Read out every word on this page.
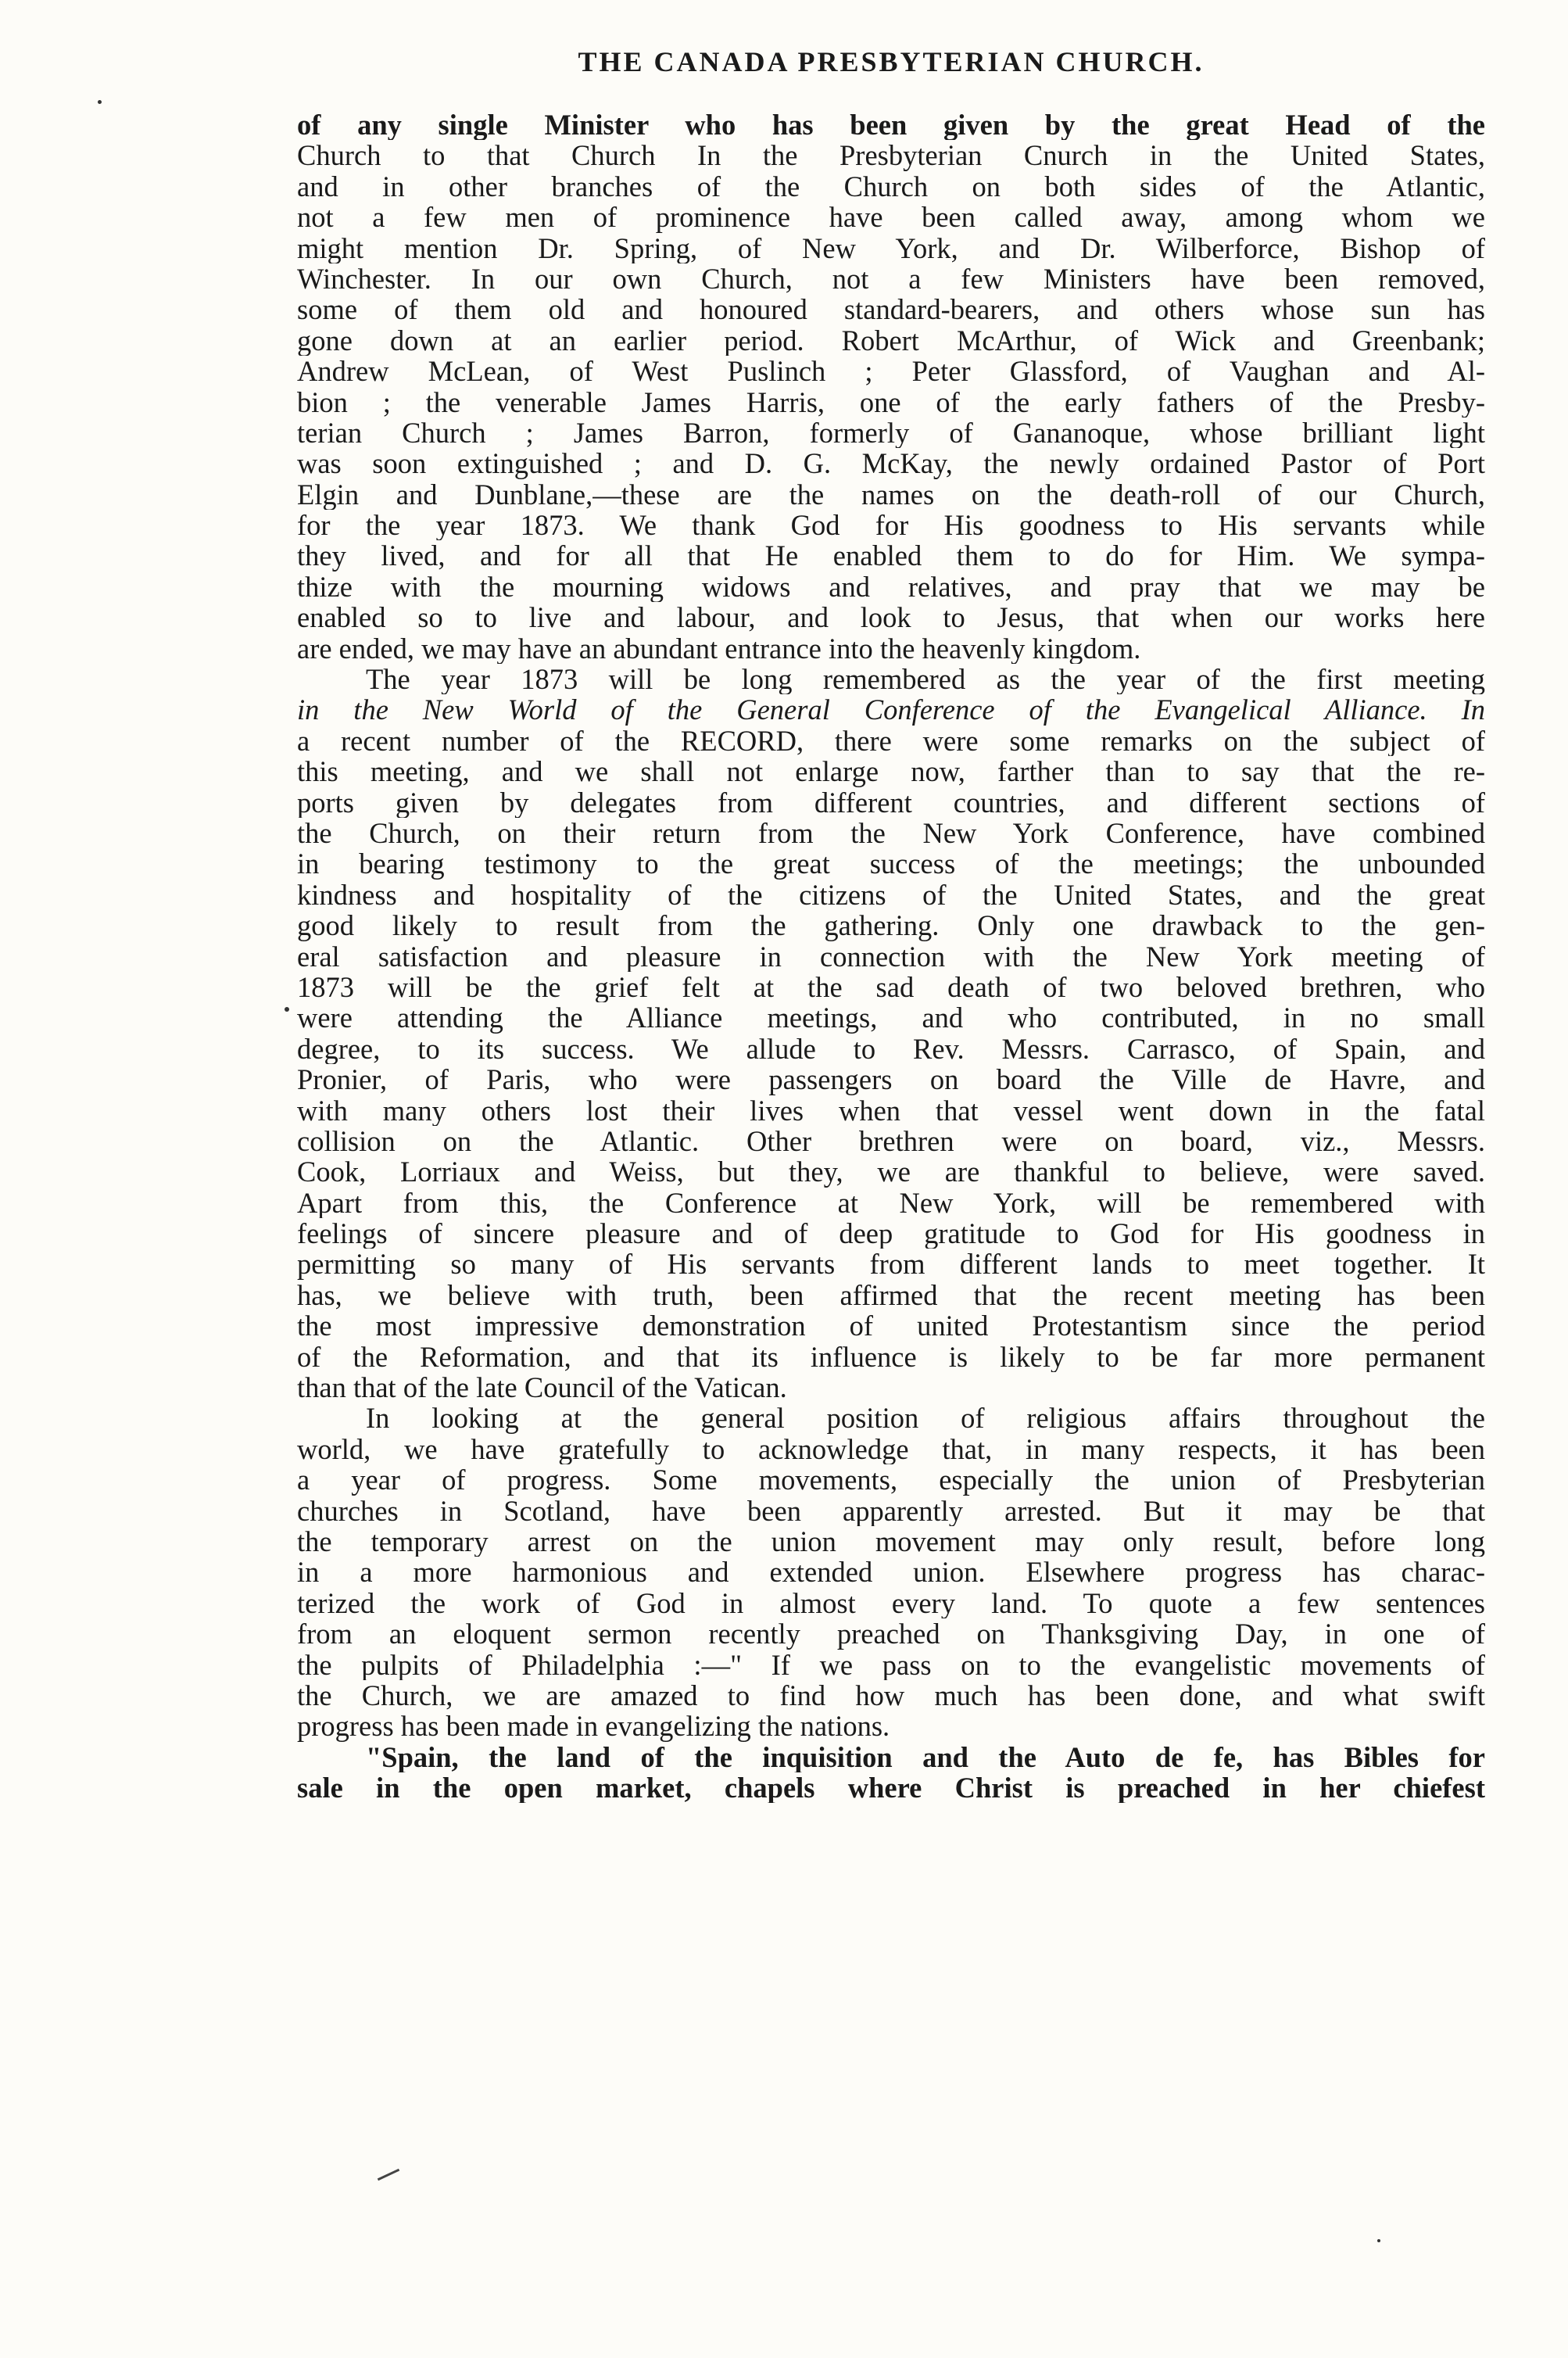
THE CANADA PRESBYTERIAN CHURCH.
of any single Minister who has been given by the great Head of the
Church to that Church In the Presbyterian Cnurch in the United States,
and in other branches of the Church on both sides of the Atlantic,
not a few men of prominence have been called away, among whom we
might mention Dr. Spring, of New York, and Dr. Wilberforce, Bishop of
Winchester. In our own Church, not a few Ministers have been removed,
some of them old and honoured standard-bearers, and others whose sun has
gone down at an earlier period. Robert McArthur, of Wick and Greenbank;
Andrew McLean, of West Puslinch ; Peter Glassford, of Vaughan and Al-
bion ; the venerable James Harris, one of the early fathers of the Presby-
terian Church ; James Barron, formerly of Gananoque, whose brilliant light
was soon extinguished ; and D. G. McKay, the newly ordained Pastor of Port
Elgin and Dunblane,—these are the names on the death-roll of our Church,
for the year 1873. We thank God for His goodness to His servants while
they lived, and for all that He enabled them to do for Him. We sympa-
thize with the mourning widows and relatives, and pray that we may be
enabled so to live and labour, and look to Jesus, that when our works here
are ended, we may have an abundant entrance into the heavenly kingdom.
The year 1873 will be long remembered as the year of the first meeting
in the New World of the General Conference of the Evangelical Alliance. In
a recent number of the RECORD, there were some remarks on the subject of
this meeting, and we shall not enlarge now, farther than to say that the re-
ports given by delegates from different countries, and different sections of
the Church, on their return from the New York Conference, have combined
in bearing testimony to the great success of the meetings; the unbounded
kindness and hospitality of the citizens of the United States, and the great
good likely to result from the gathering. Only one drawback to the gen-
eral satisfaction and pleasure in connection with the New York meeting of
1873 will be the grief felt at the sad death of two beloved brethren, who
were attending the Alliance meetings, and who contributed, in no small
degree, to its success. We allude to Rev. Messrs. Carrasco, of Spain, and
Pronier, of Paris, who were passengers on board the Ville de Havre, and
with many others lost their lives when that vessel went down in the fatal
collision on the Atlantic. Other brethren were on board, viz., Messrs.
Cook, Lorriaux and Weiss, but they, we are thankful to believe, were saved.
Apart from this, the Conference at New York, will be remembered with
feelings of sincere pleasure and of deep gratitude to God for His goodness in
permitting so many of His servants from different lands to meet together. It
has, we believe with truth, been affirmed that the recent meeting has been
the most impressive demonstration of united Protestantism since the period
of the Reformation, and that its influence is likely to be far more permanent
than that of the late Council of the Vatican.
In looking at the general position of religious affairs throughout the
world, we have gratefully to acknowledge that, in many respects, it has been
a year of progress. Some movements, especially the union of Presbyterian
churches in Scotland, have been apparently arrested. But it may be that
the temporary arrest on the union movement may only result, before long
in a more harmonious and extended union. Elsewhere progress has charac-
terized the work of God in almost every land. To quote a few sentences
from an eloquent sermon recently preached on Thanksgiving Day, in one of
the pulpits of Philadelphia :—" If we pass on to the evangelistic movements of
the Church, we are amazed to find how much has been done, and what swift
progress has been made in evangelizing the nations.
"Spain, the land of the inquisition and the Auto de fe, has Bibles for
sale in the open market, chapels where Christ is preached in her chiefest
